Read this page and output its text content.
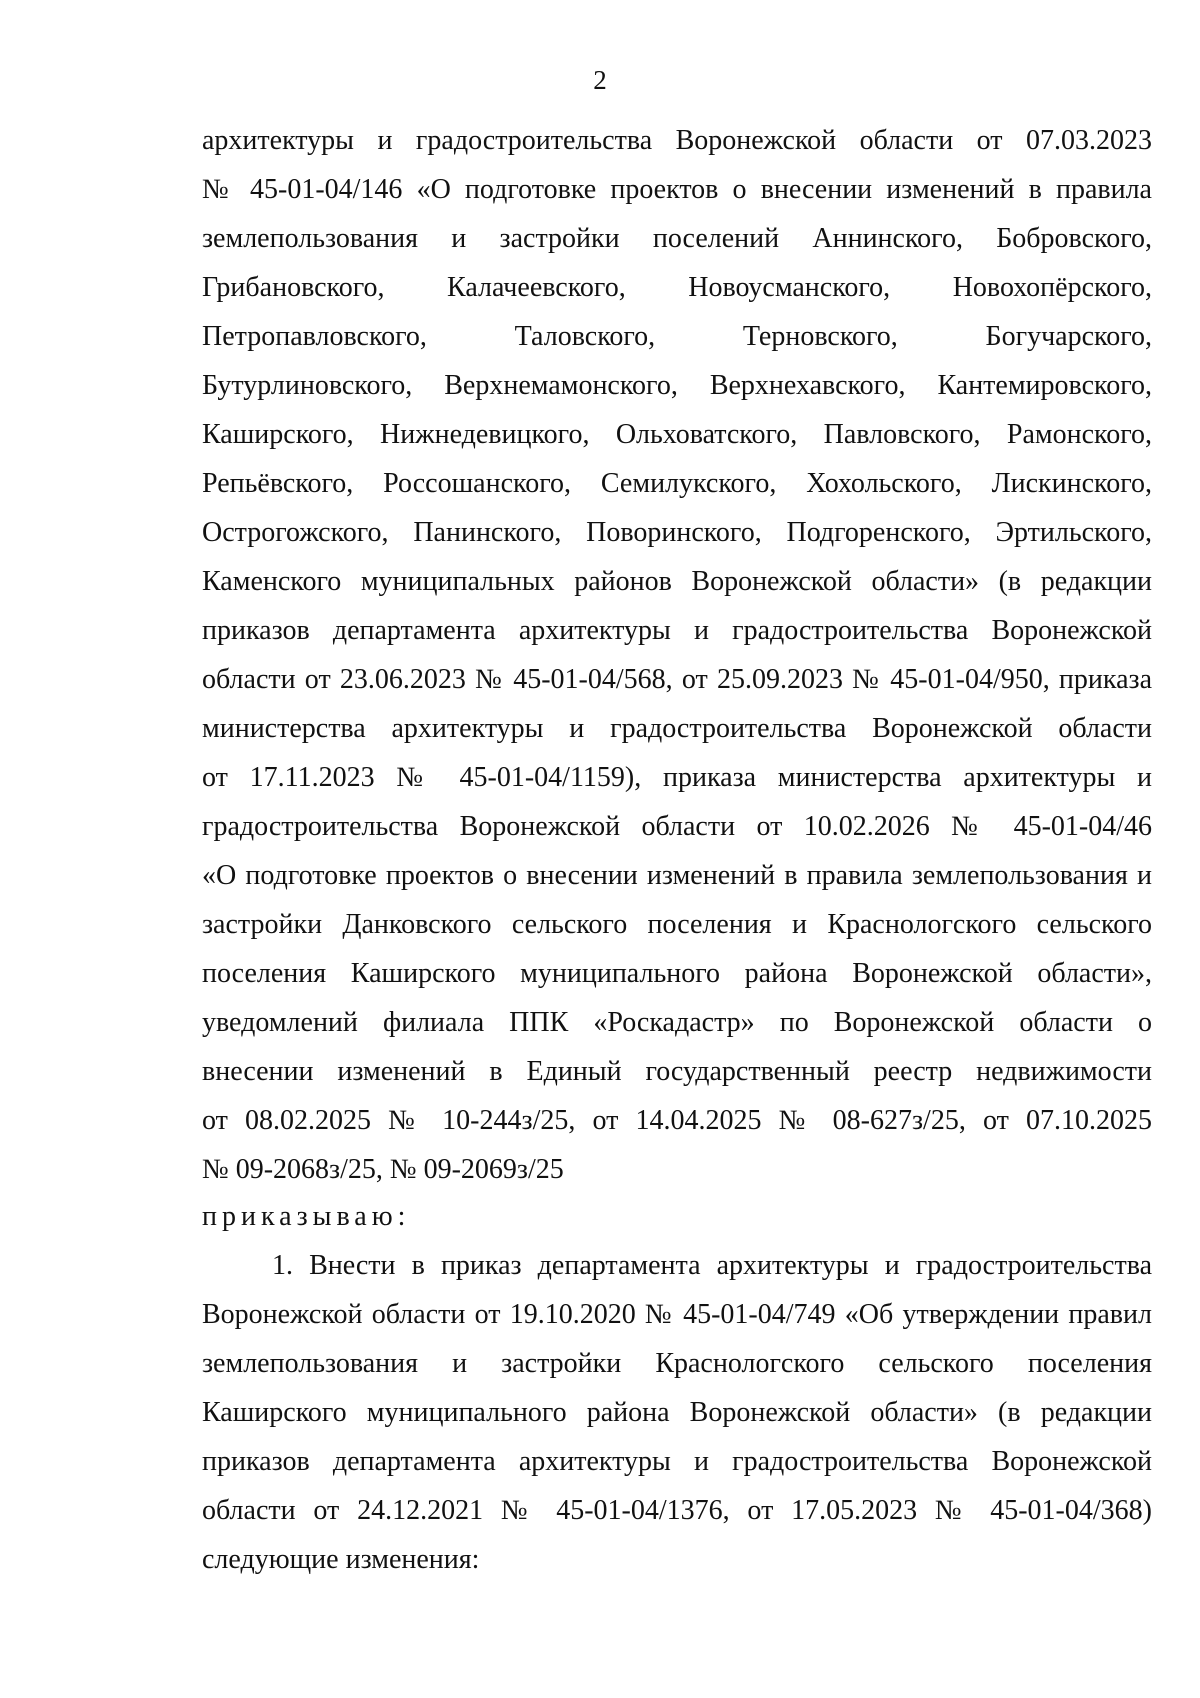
2
архитектуры и градостроительства Воронежской области от 07.03.2023
№ 45-01-04/146 «О подготовке проектов о внесении изменений в правила
землепользования и застройки поселений Аннинского, Бобровского,
Грибановского, Калачеевского, Новоусманского, Новохопёрского,
Петропавловского, Таловского, Терновского, Богучарского,
Бутурлиновского, Верхнемамонского, Верхнехавского, Кантемировского,
Каширского, Нижнедевицкого, Ольховатского, Павловского, Рамонского,
Репьёвского, Россошанского, Семилукского, Хохольского, Лискинского,
Острогожского, Панинского, Поворинского, Подгоренского, Эртильского,
Каменского муниципальных районов Воронежской области» (в редакции
приказов департамента архитектуры и градостроительства Воронежской
области от 23.06.2023 № 45-01-04/568, от 25.09.2023 № 45-01-04/950, приказа
министерства архитектуры и градостроительства Воронежской области
от 17.11.2023 № 45-01-04/1159), приказа министерства архитектуры и
градостроительства Воронежской области от 10.02.2026 № 45-01-04/46
«О подготовке проектов о внесении изменений в правила землепользования и
застройки Данковского сельского поселения и Краснологского сельского
поселения Каширского муниципального района Воронежской области»,
уведомлений филиала ППК «Роскадастр» по Воронежской области о
внесении изменений в Единый государственный реестр недвижимости
от 08.02.2025 № 10-244з/25, от 14.04.2025 № 08-627з/25, от 07.10.2025
№ 09-2068з/25, № 09-2069з/25
приказываю:
1. Внести в приказ департамента архитектуры и градостроительства
Воронежской области от 19.10.2020 № 45-01-04/749 «Об утверждении правил
землепользования и застройки Краснологского сельского поселения
Каширского муниципального района Воронежской области» (в редакции
приказов департамента архитектуры и градостроительства Воронежской
области от 24.12.2021 № 45-01-04/1376, от 17.05.2023 № 45-01-04/368)
следующие изменения:
